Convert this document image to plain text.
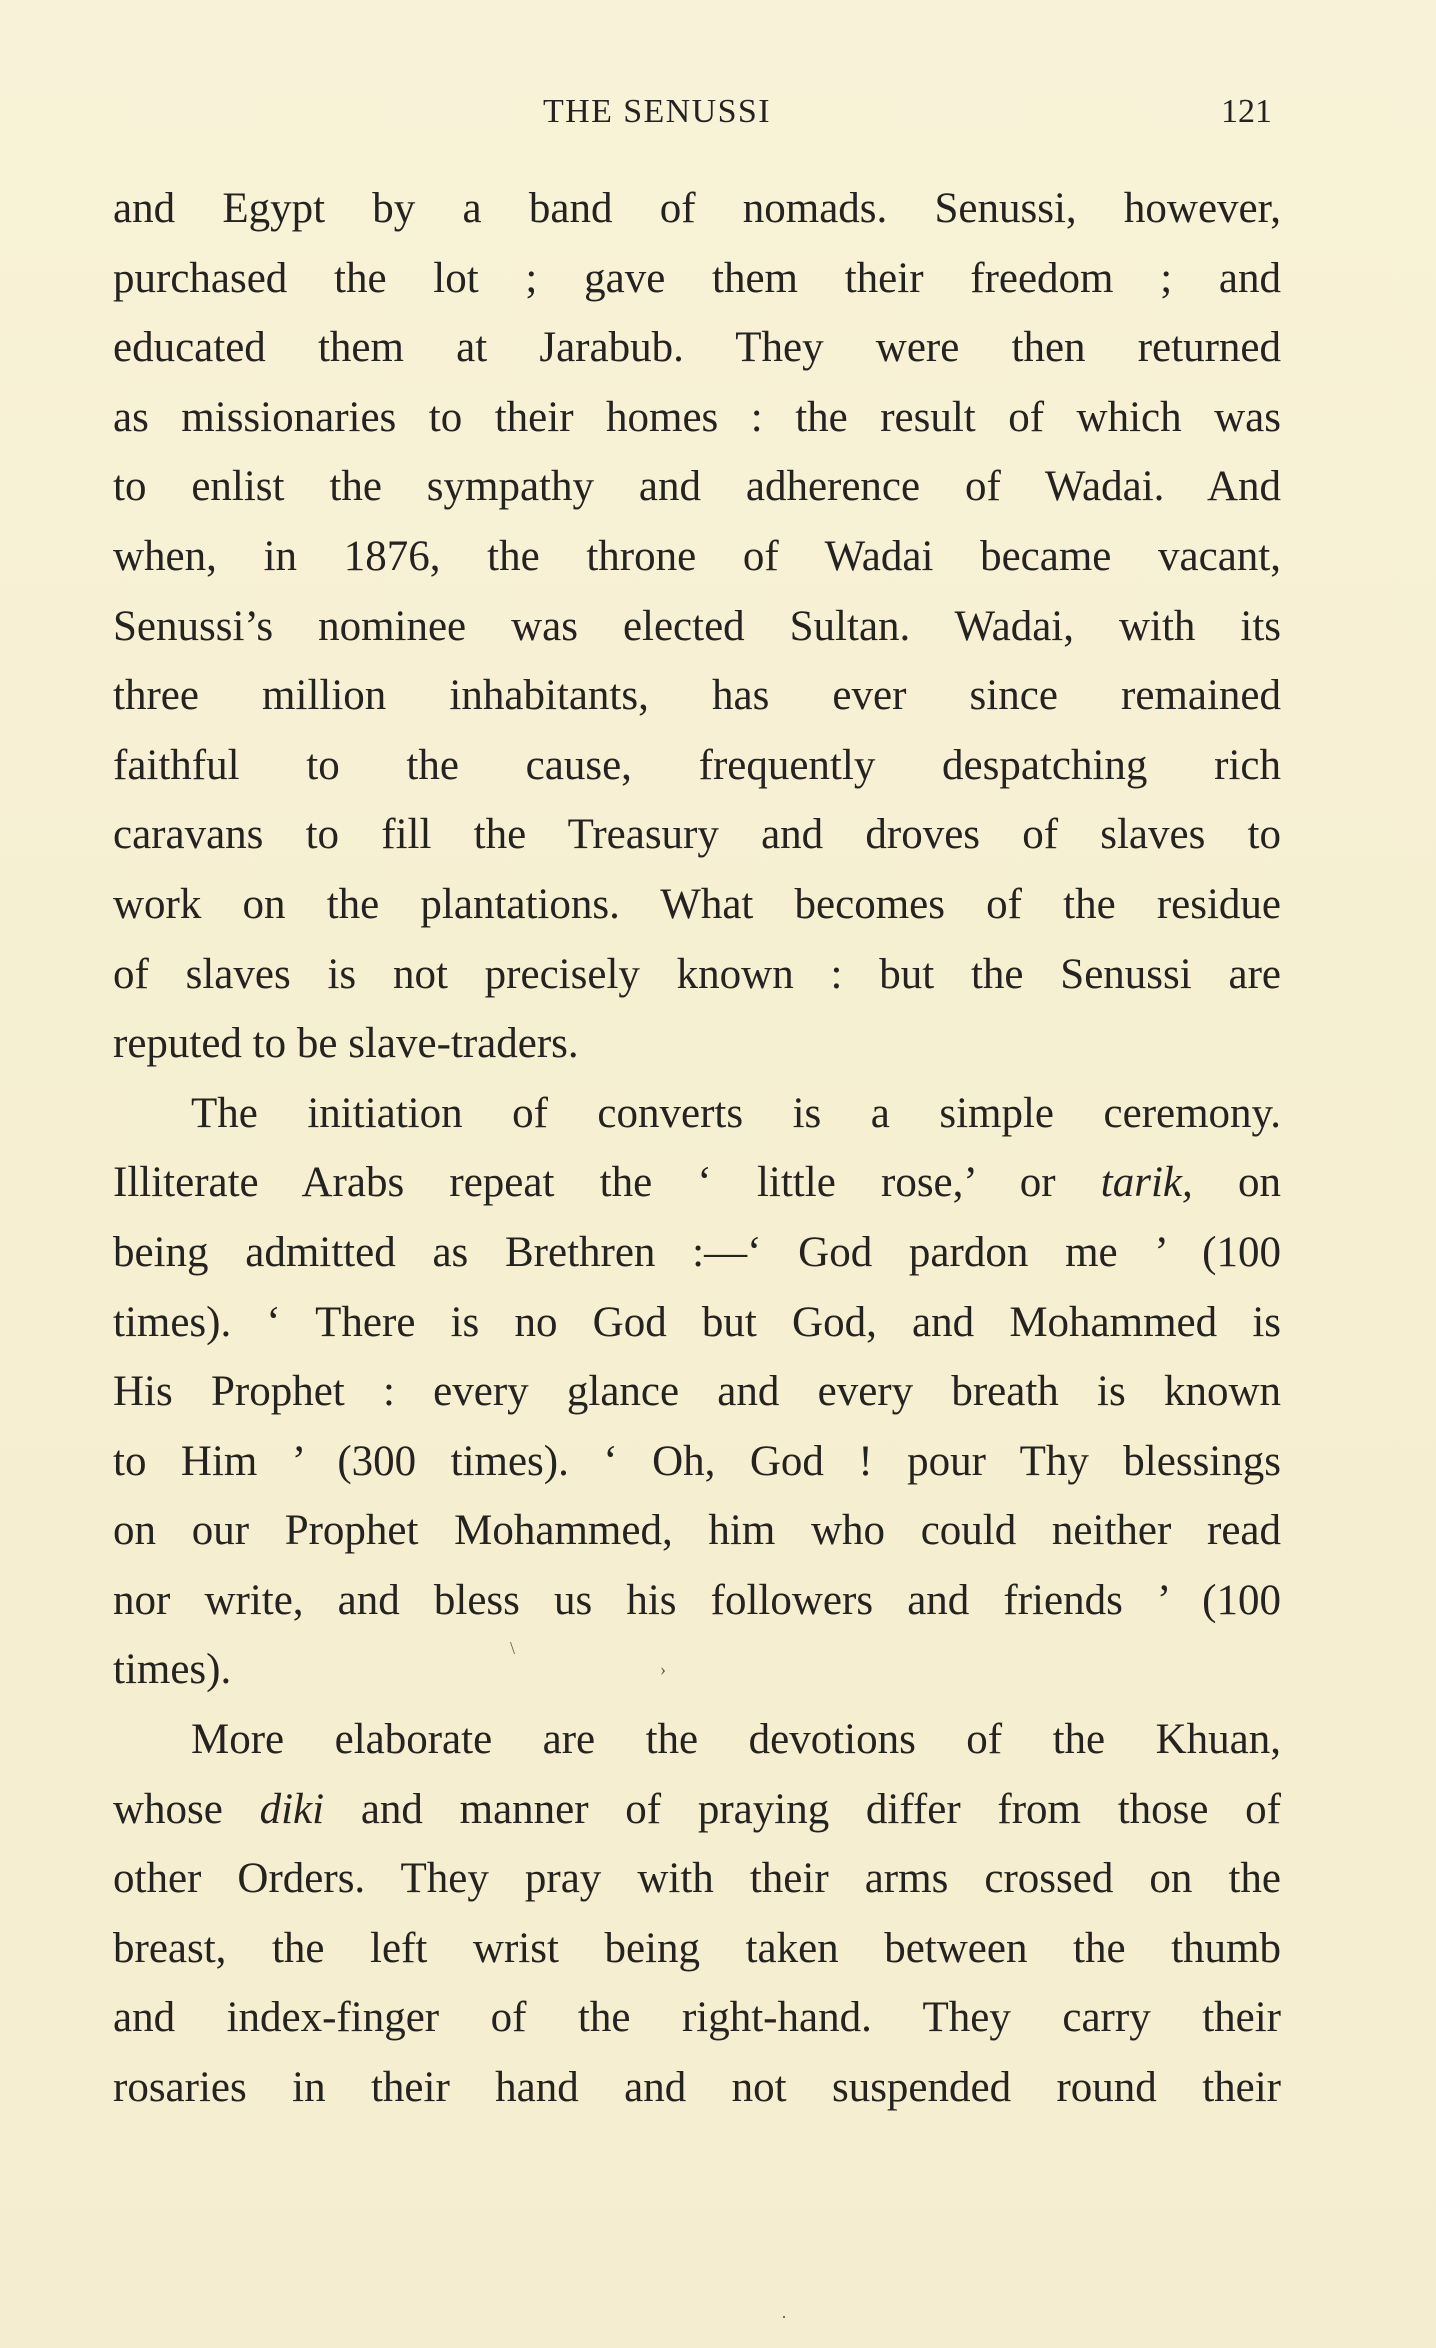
THE SENUSSI	121
and Egypt by a band of nomads. Senussi, however,
purchased the lot ; gave them their freedom ; and
educated them at Jarabub. They were then returned
as missionaries to their homes : the result of which was
to enlist the sympathy and adherence of Wadai. And
when, in 1876, the throne of Wadai became vacant,
Senussi’s nominee was elected Sultan. Wadai, with its
three million inhabitants, has ever since remained
faithful to the cause, frequently despatching rich
caravans to fill the Treasury and droves of slaves to
work on the plantations. What becomes of the residue
of slaves is not precisely known : but the Senussi are
reputed to be slave-traders.
The initiation of converts is a simple ceremony.
Illiterate Arabs repeat the ‘ little rose,’ or tarik, on
being admitted as Brethren :—‘ God pardon me ’ (100
times). ‘ There is no God but God, and Mohammed is
His Prophet : every glance and every breath is known
to Him ’ (300 times). ‘ Oh, God ! pour Thy blessings
on our Prophet Mohammed, him who could neither read
nor write, and bless us his followers and friends ’ (100
times).
More elaborate are the devotions of the Khuan,
whose diki and manner of praying differ from those of
other Orders. They pray with their arms crossed on the
breast, the left wrist being taken between the thumb
and index-finger of the right-hand. They carry their
rosaries in their hand and not suspended round their
\
›
·
